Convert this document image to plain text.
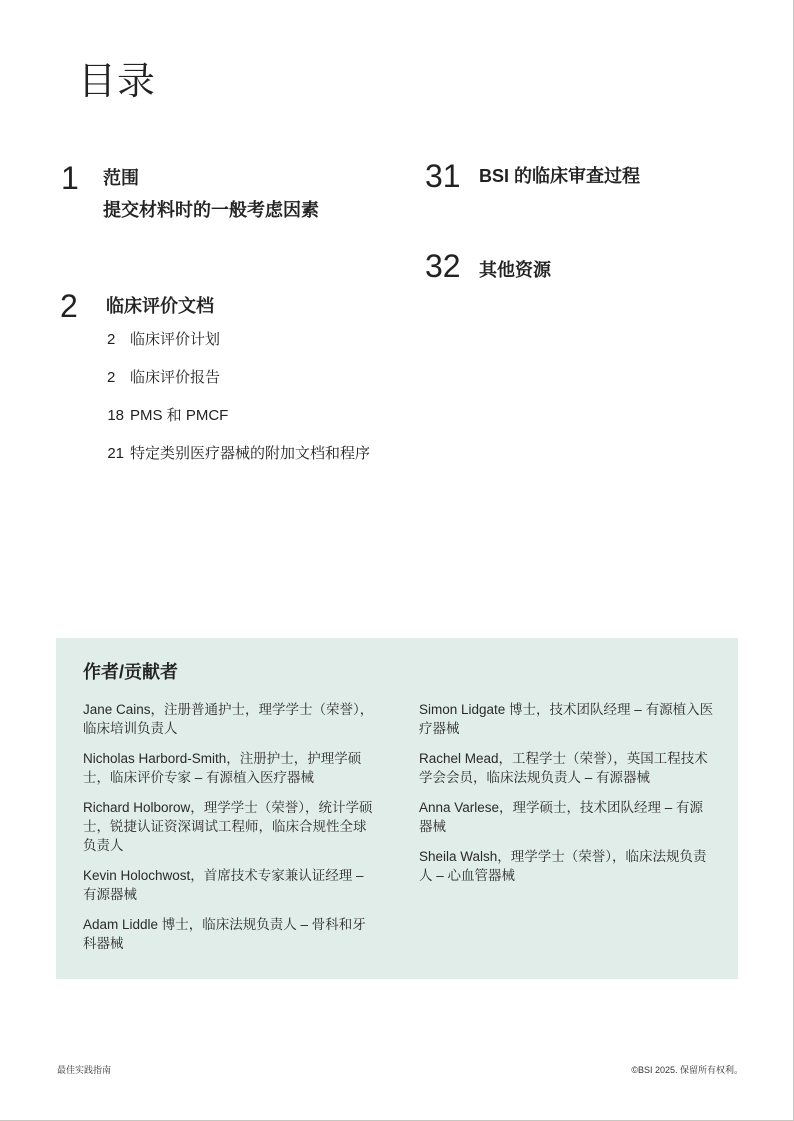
目录
1 范围
提交材料时的一般考虑因素
2 临床评价文档
2 临床评价计划
2 临床评价报告
18 PMS 和 PMCF
21 特定类别医疗器械的附加文档和程序
31 BSI 的临床审查过程
32 其他资源
作者/贡献者
Jane Cains，注册普通护士，理学学士（荣誉），临床培训负责人
Nicholas Harbord-Smith，注册护士，护理学硕士，临床评价专家 – 有源植入医疗器械
Richard Holborow，理学学士（荣誉），统计学硕士，锐捷认证资深调试工程师，临床合规性全球负责人
Kevin Holochwost，首席技术专家兼认证经理 – 有源器械
Adam Liddle 博士，临床法规负责人 – 骨科和牙科器械
Simon Lidgate 博士，技术团队经理 – 有源植入医疗器械
Rachel Mead，工程学士（荣誉），英国工程技术学会会员，临床法规负责人 – 有源器械
Anna Varlese，理学硕士，技术团队经理 – 有源器械
Sheila Walsh，理学学士（荣誉），临床法规负责人 – 心血管器械
最佳实践指南	©BSI 2025. 保留所有权利。
